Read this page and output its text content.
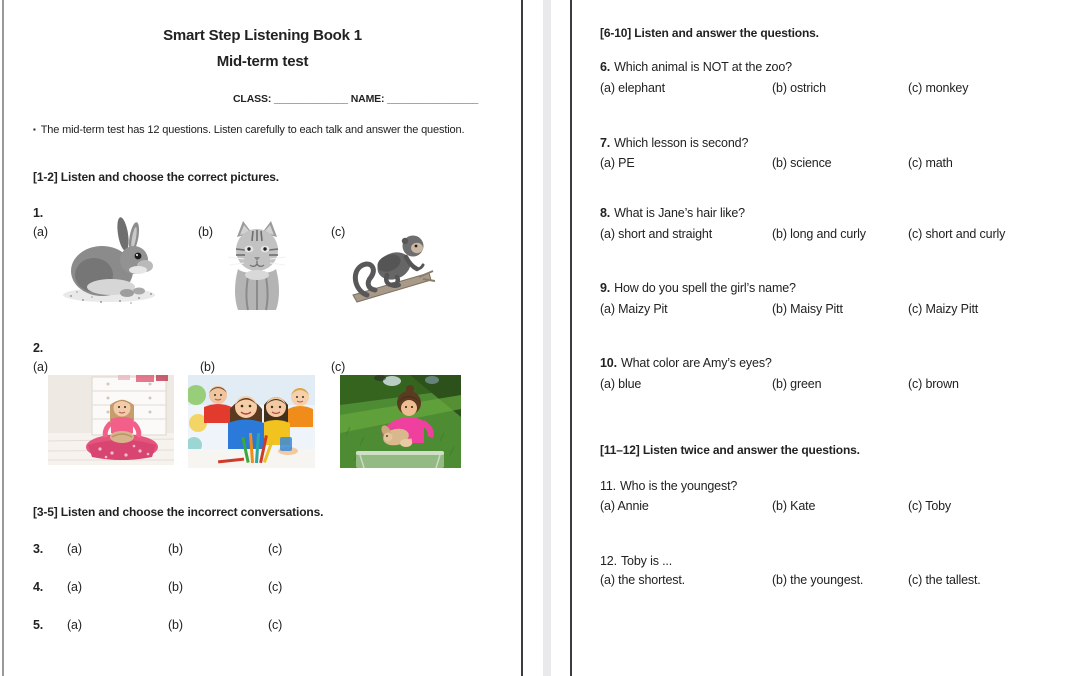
Smart Step Listening Book 1
Mid-term test
CLASS: _____________ NAME: ________________
▪ The mid-term test has 12 questions. Listen carefully to each talk and answer the question.
[1-2] Listen and choose the correct pictures.
1.
(a)	(b)	(c)
2.
(a)	(b)	(c)
[3-5] Listen and choose the incorrect conversations.
3. (a)	(b)	(c)
4. (a)	(b)	(c)
5. (a)	(b)	(c)
[6-10] Listen and answer the questions.
6. Which animal is NOT at the zoo?
(a) elephant	(b) ostrich	(c) monkey
7. Which lesson is second?
(a) PE	(b) science	(c) math
8. What is Jane’s hair like?
(a) short and straight	(b) long and curly	(c) short and curly
9. How do you spell the girl’s name?
(a) Maizy Pit	(b) Maisy Pitt	(c) Maizy Pitt
10. What color are Amy’s eyes?
(a) blue	(b) green	(c) brown
[11–12] Listen twice and answer the questions.
11. Who is the youngest?
(a) Annie	(b) Kate	(c) Toby
12. Toby is ...
(a) the shortest.	(b) the youngest.	(c) the tallest.
